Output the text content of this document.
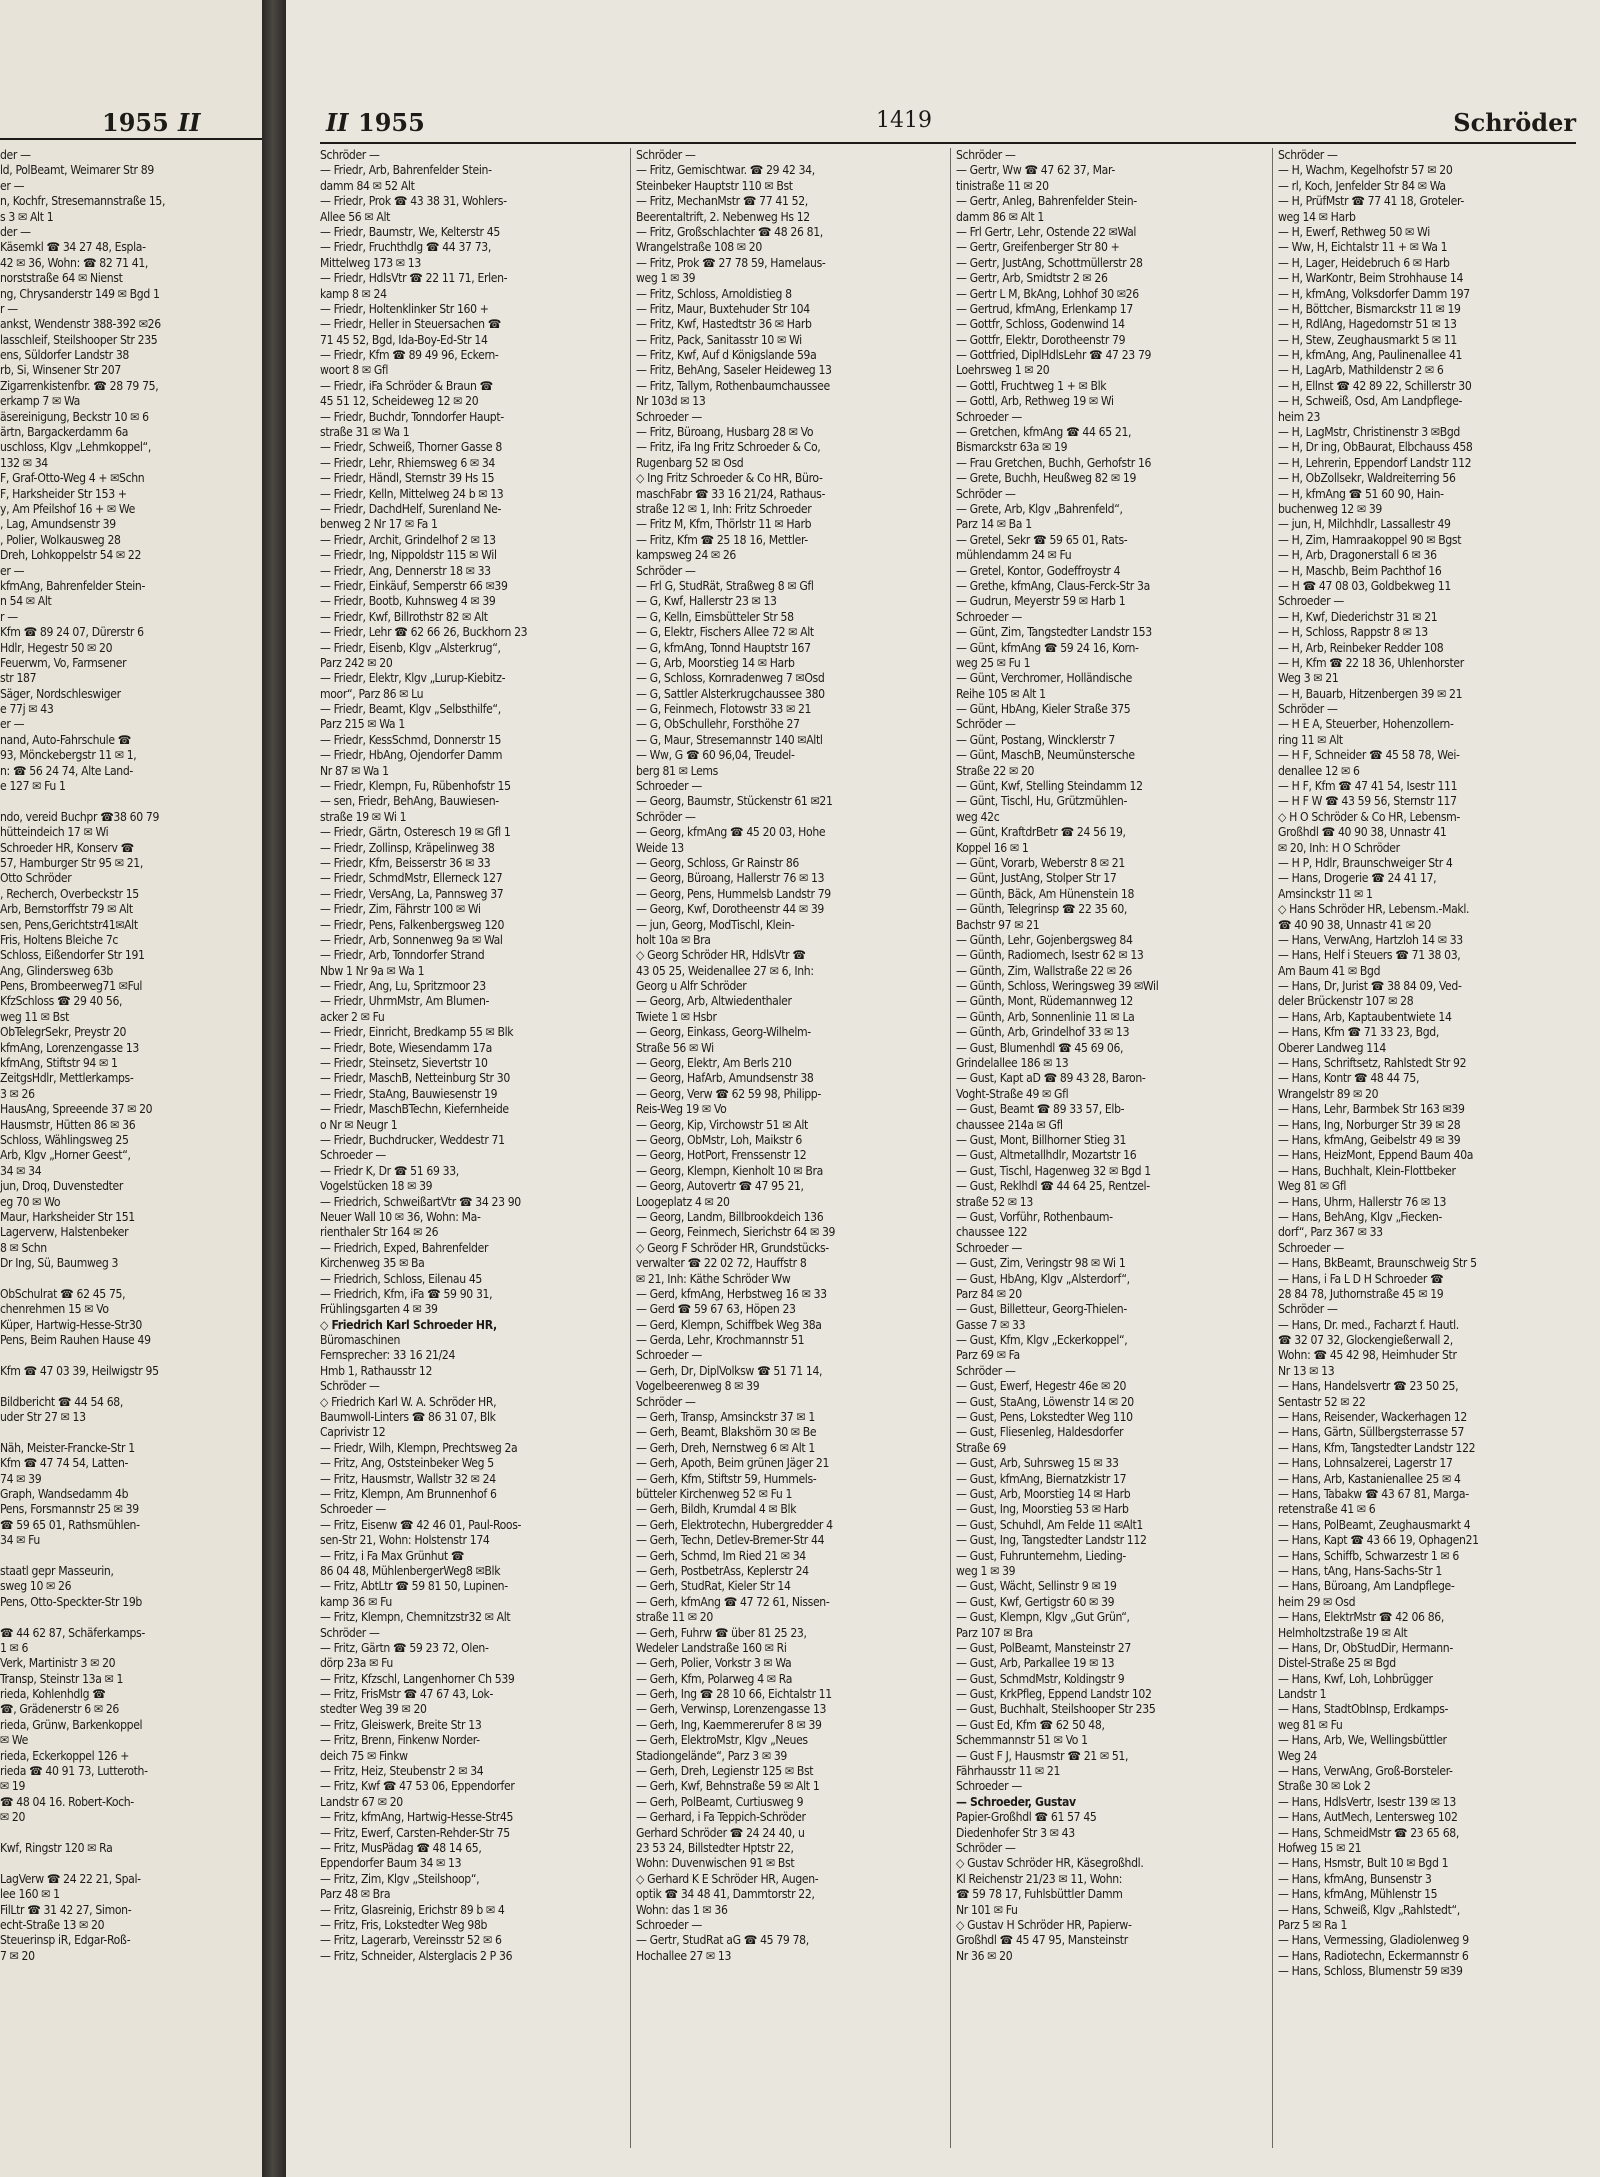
1955 II
der —
ld, PolBeamt, Weimarer Str 89
er —
n, Kochfr, Stresemannstraße 15,
s 3 ✉ Alt 1
der —
Käsemkl ☎ 34 27 48, Espla-
42 ✉ 36, Wohn: ☎ 82 71 41,
norststraße 64 ✉ Nienst
ng, Chrysanderstr 149 ✉ Bgd 1
r —
ankst, Wendenstr 388-392 ✉26
lasschleif, Steilshooper Str 235
ens, Süldorfer Landstr 38
rb, Si, Winsener Str 207
Zigarrenkistenfbr. ☎ 28 79 75,
erkamp 7 ✉ Wa
äsereinigung, Beckstr 10 ✉ 6
ärtn, Bargackerdamm 6a
uschloss, Klgv „Lehmkoppel“,
132 ✉ 34
F, Graf-Otto-Weg 4 + ✉Schn
F, Harksheider Str 153 +
y, Am Pfeilshof 16 + ✉ We
, Lag, Amundsenstr 39
, Polier, Wolkausweg 28
Dreh, Lohkoppelstr 54 ✉ 22
er —
kfmAng, Bahrenfelder Stein-
n 54 ✉ Alt
r —
Kfm ☎ 89 24 07, Dürerstr 6
Hdlr, Hegestr 50 ✉ 20
Feuerwm, Vo, Farmsener
str 187
Säger, Nordschleswiger
e 77j ✉ 43
er —
nand, Auto-Fahrschule ☎
93, Mönckebergstr 11 ✉ 1,
n: ☎ 56 24 74, Alte Land-
e 127 ✉ Fu 1
ndo, vereid Buchpr ☎38 60 79
hütteindeich 17 ✉ Wi
Schroeder HR, Konserv ☎
57, Hamburger Str 95 ✉ 21,
Otto Schröder
, Recherch, Overbeckstr 15
Arb, Bernstorffstr 79 ✉ Alt
sen, Pens,Gerichtstr41✉Alt
Fris, Holtens Bleiche 7c
Schloss, Eißendorfer Str 191
Ang, Glindersweg 63b
Pens, Brombeerweg71 ✉Ful
KfzSchloss ☎ 29 40 56,
weg 11 ✉ Bst
ObTelegrSekr, Preystr 20
kfmAng, Lorenzengasse 13
kfmAng, Stiftstr 94 ✉ 1
ZeitgsHdlr, Mettlerkamps-
3 ✉ 26
HausAng, Spreeende 37 ✉ 20
Hausmstr, Hütten 86 ✉ 36
Schloss, Wählingsweg 25
Arb, Klgv „Horner Geest“,
34 ✉ 34
jun, Droq, Duvenstedter
eg 70 ✉ Wo
Maur, Harksheider Str 151
Lagerverw, Halstenbeker
8 ✉ Schn
Dr Ing, Sü, Baumweg 3
ObSchulrat ☎ 62 45 75,
chenrehmen 15 ✉ Vo
Küper, Hartwig-Hesse-Str30
Pens, Beim Rauhen Hause 49
Kfm ☎ 47 03 39, Heilwigstr 95
Bildbericht ☎ 44 54 68,
uder Str 27 ✉ 13
Näh, Meister-Francke-Str 1
Kfm ☎ 47 74 54, Latten-
74 ✉ 39
Graph, Wandsedamm 4b
Pens, Forsmannstr 25 ✉ 39
☎ 59 65 01, Rathsmühlen-
34 ✉ Fu
staatl gepr Masseurin,
sweg 10 ✉ 26
Pens, Otto-Speckter-Str 19b
☎ 44 62 87, Schäferkamps-
1 ✉ 6
Verk, Martinistr 3 ✉ 20
Transp, Steinstr 13a ✉ 1
rieda, Kohlenhdlg ☎
☎, Grädenerstr 6 ✉ 26
rieda, Grünw, Barkenkoppel
✉ We
rieda, Eckerkoppel 126 +
rieda ☎ 40 91 73, Lutteroth-
✉ 19
☎ 48 04 16. Robert-Koch-
✉ 20
Kwf, Ringstr 120 ✉ Ra
LagVerw ☎ 24 22 21, Spal-
lee 160 ✉ 1
FilLtr ☎ 31 42 27, Simon-
echt-Straße 13 ✉ 20
Steuerinsp iR, Edgar-Roß-
7 ✉ 20
II 1955	1419	Schröder
Schröder —
— Friedr, Arb, Bahrenfelder Stein-
damm 84 ✉ 52 Alt
— Friedr, Prok ☎ 43 38 31, Wohlers-
Allee 56 ✉ Alt
— Friedr, Baumstr, We, Kelterstr 45
— Friedr, Fruchthdlg ☎ 44 37 73,
Mittelweg 173 ✉ 13
— Friedr, HdlsVtr ☎ 22 11 71, Erlen-
kamp 8 ✉ 24
— Friedr, Holtenklinker Str 160 +
— Friedr, Heller in Steuersachen ☎
71 45 52, Bgd, Ida-Boy-Ed-Str 14
— Friedr, Kfm ☎ 89 49 96, Eckern-
woort 8 ✉ Gfl
— Friedr, iFa Schröder & Braun ☎
45 51 12, Scheideweg 12 ✉ 20
— Friedr, Buchdr, Tonndorfer Haupt-
straße 31 ✉ Wa 1
— Friedr, Schweiß, Thorner Gasse 8
— Friedr, Lehr, Rhiemsweg 6 ✉ 34
— Friedr, Händl, Sternstr 39 Hs 15
— Friedr, Kelln, Mittelweg 24 b ✉ 13
— Friedr, DachdHelf, Surenland Ne-
benweg 2 Nr 17 ✉ Fa 1
— Friedr, Archit, Grindelhof 2 ✉ 13
— Friedr, Ing, Nippoldstr 115 ✉ Wil
— Friedr, Ang, Dennerstr 18 ✉ 33
— Friedr, Einkäuf, Semperstr 66 ✉39
— Friedr, Bootb, Kuhnsweg 4 ✉ 39
— Friedr, Kwf, Billrothstr 82 ✉ Alt
— Friedr, Lehr ☎ 62 66 26, Buckhorn 23
— Friedr, Eisenb, Klgv „Alsterkrug“,
Parz 242 ✉ 20
— Friedr, Elektr, Klgv „Lurup-Kiebitz-
moor“, Parz 86 ✉ Lu
— Friedr, Beamt, Klgv „Selbsthilfe“,
Parz 215 ✉ Wa 1
— Friedr, KessSchmd, Donnerstr 15
— Friedr, HbAng, Ojendorfer Damm
Nr 87 ✉ Wa 1
— Friedr, Klempn, Fu, Rübenhofstr 15
— sen, Friedr, BehAng, Bauwiesen-
straße 19 ✉ Wi 1
— Friedr, Gärtn, Osteresch 19 ✉ Gfl 1
— Friedr, Zollinsp, Kräpelinweg 38
— Friedr, Kfm, Beisserstr 36 ✉ 33
— Friedr, SchmdMstr, Ellerneck 127
— Friedr, VersAng, La, Pannsweg 37
— Friedr, Zim, Fährstr 100 ✉ Wi
— Friedr, Pens, Falkenbergsweg 120
— Friedr, Arb, Sonnenweg 9a ✉ Wal
— Friedr, Arb, Tonndorfer Strand
Nbw 1 Nr 9a ✉ Wa 1
— Friedr, Ang, Lu, Spritzmoor 23
— Friedr, UhrmMstr, Am Blumen-
acker 2 ✉ Fu
— Friedr, Einricht, Bredkamp 55 ✉ Blk
— Friedr, Bote, Wiesendamm 17a
— Friedr, Steinsetz, Sievertstr 10
— Friedr, MaschB, Netteinburg Str 30
— Friedr, StaAng, Bauwiesenstr 19
— Friedr, MaschBTechn, Kiefernheide
o Nr ✉ Neugr 1
— Friedr, Buchdrucker, Weddestr 71
Schroeder —
— Friedr K, Dr ☎ 51 69 33,
Vogelstücken 18 ✉ 39
— Friedrich, SchweißartVtr ☎ 34 23 90
Neuer Wall 10 ✉ 36, Wohn: Ma-
rienthaler Str 164 ✉ 26
— Friedrich, Exped, Bahrenfelder
Kirchenweg 35 ✉ Ba
— Friedrich, Schloss, Eilenau 45
— Friedrich, Kfm, iFa ☎ 59 90 31,
Frühlingsgarten 4 ✉ 39
◇ Friedrich Karl Schroeder HR,
Büromaschinen
Fernsprecher: 33 16 21/24
Hmb 1, Rathausstr 12
Schröder —
◇ Friedrich Karl W. A. Schröder HR,
Baumwoll-Linters ☎ 86 31 07, Blk
Caprivistr 12
— Friedr, Wilh, Klempn, Prechtsweg 2a
— Fritz, Ang, Oststeinbeker Weg 5
— Fritz, Hausmstr, Wallstr 32 ✉ 24
— Fritz, Klempn, Am Brunnenhof 6
Schroeder —
— Fritz, Eisenw ☎ 42 46 01, Paul-Roos-
sen-Str 21, Wohn: Holstenstr 174
— Fritz, i Fa Max Grünhut ☎
86 04 48, MühlenbergerWeg8 ✉Blk
— Fritz, AbtLtr ☎ 59 81 50, Lupinen-
kamp 36 ✉ Fu
— Fritz, Klempn, Chemnitzstr32 ✉ Alt
Schröder —
— Fritz, Gärtn ☎ 59 23 72, Olen-
dörp 23a ✉ Fu
— Fritz, Kfzschl, Langenhorner Ch 539
— Fritz, FrisMstr ☎ 47 67 43, Lok-
stedter Weg 39 ✉ 20
— Fritz, Gleiswerk, Breite Str 13
— Fritz, Brenn, Finkenw Norder-
deich 75 ✉ Finkw
— Fritz, Heiz, Steubenstr 2 ✉ 34
— Fritz, Kwf ☎ 47 53 06, Eppendorfer
Landstr 67 ✉ 20
— Fritz, kfmAng, Hartwig-Hesse-Str45
— Fritz, Ewerf, Carsten-Rehder-Str 75
— Fritz, MusPädag ☎ 48 14 65,
Eppendorfer Baum 34 ✉ 13
— Fritz, Zim, Klgv „Steilshoop“,
Parz 48 ✉ Bra
— Fritz, Glasreinig, Erichstr 89 b ✉ 4
— Fritz, Fris, Lokstedter Weg 98b
— Fritz, Lagerarb, Vereinsstr 52 ✉ 6
— Fritz, Schneider, Alsterglacis 2 P 36
Schröder —
— Fritz, Gemischtwar. ☎ 29 42 34,
Steinbeker Hauptstr 110 ✉ Bst
— Fritz, MechanMstr ☎ 77 41 52,
Beerentaltrift, 2. Nebenweg Hs 12
— Fritz, Großschlachter ☎ 48 26 81,
Wrangelstraße 108 ✉ 20
— Fritz, Prok ☎ 27 78 59, Hamelaus-
weg 1 ✉ 39
— Fritz, Schloss, Arnoldistieg 8
— Fritz, Maur, Buxtehuder Str 104
— Fritz, Kwf, Hastedtstr 36 ✉ Harb
— Fritz, Pack, Sanitasstr 10 ✉ Wi
— Fritz, Kwf, Auf d Königslande 59a
— Fritz, BehAng, Saseler Heideweg 13
— Fritz, Tallym, Rothenbaumchaussee
Nr 103d ✉ 13
Schroeder —
— Fritz, Büroang, Husbarg 28 ✉ Vo
— Fritz, iFa Ing Fritz Schroeder & Co,
Rugenbarg 52 ✉ Osd
◇ Ing Fritz Schroeder & Co HR, Büro-
maschFabr ☎ 33 16 21/24, Rathaus-
straße 12 ✉ 1, Inh: Fritz Schroeder
— Fritz M, Kfm, Thörlstr 11 ✉ Harb
— Fritz, Kfm ☎ 25 18 16, Mettler-
kampsweg 24 ✉ 26
Schröder —
— Frl G, StudRät, Straßweg 8 ✉ Gfl
— G, Kwf, Hallerstr 23 ✉ 13
— G, Kelln, Eimsbütteler Str 58
— G, Elektr, Fischers Allee 72 ✉ Alt
— G, kfmAng, Tonnd Hauptstr 167
— G, Arb, Moorstieg 14 ✉ Harb
— G, Schloss, Kornradenweg 7 ✉Osd
— G, Sattler Alsterkrugchaussee 380
— G, Feinmech, Flotowstr 33 ✉ 21
— G, ObSchullehr, Forsthöhe 27
— G, Maur, Stresemannstr 140 ✉Altl
— Ww, G ☎ 60 96,04, Treudel-
berg 81 ✉ Lems
Schroeder —
— Georg, Baumstr, Stückenstr 61 ✉21
Schröder —
— Georg, kfmAng ☎ 45 20 03, Hohe
Weide 13
— Georg, Schloss, Gr Rainstr 86
— Georg, Büroang, Hallerstr 76 ✉ 13
— Georg, Pens, Hummelsb Landstr 79
— Georg, Kwf, Dorotheenstr 44 ✉ 39
— jun, Georg, ModTischl, Klein-
holt 10a ✉ Bra
◇ Georg Schröder HR, HdlsVtr ☎
43 05 25, Weidenallee 27 ✉ 6, Inh:
Georg u Alfr Schröder
— Georg, Arb, Altwiedenthaler
Twiete 1 ✉ Hsbr
— Georg, Einkass, Georg-Wilhelm-
Straße 56 ✉ Wi
— Georg, Elektr, Am Berls 210
— Georg, HafArb, Amundsenstr 38
— Georg, Verw ☎ 62 59 98, Philipp-
Reis-Weg 19 ✉ Vo
— Georg, Kip, Virchowstr 51 ✉ Alt
— Georg, ObMstr, Loh, Maikstr 6
— Georg, HotPort, Frenssenstr 12
— Georg, Klempn, Kienholt 10 ✉ Bra
— Georg, Autovertr ☎ 47 95 21,
Loogeplatz 4 ✉ 20
— Georg, Landm, Billbrookdeich 136
— Georg, Feinmech, Sierichstr 64 ✉ 39
◇ Georg F Schröder HR, Grundstücks-
verwalter ☎ 22 02 72, Hauffstr 8
✉ 21, Inh: Käthe Schröder Ww
— Gerd, kfmAng, Herbstweg 16 ✉ 33
— Gerd ☎ 59 67 63, Höpen 23
— Gerd, Klempn, Schiffbek Weg 38a
— Gerda, Lehr, Krochmannstr 51
Schroeder —
— Gerh, Dr, DiplVolksw ☎ 51 71 14,
Vogelbeerenweg 8 ✉ 39
Schröder —
— Gerh, Transp, Amsinckstr 37 ✉ 1
— Gerh, Beamt, Blakshörn 30 ✉ Be
— Gerh, Dreh, Nernstweg 6 ✉ Alt 1
— Gerh, Apoth, Beim grünen Jäger 21
— Gerh, Kfm, Stiftstr 59, Hummels-
bütteler Kirchenweg 52 ✉ Fu 1
— Gerh, Bildh, Krumdal 4 ✉ Blk
— Gerh, Elektrotechn, Hubergredder 4
— Gerh, Techn, Detlev-Bremer-Str 44
— Gerh, Schmd, Im Ried 21 ✉ 34
— Gerh, PostbetrAss, Keplerstr 24
— Gerh, StudRat, Kieler Str 14
— Gerh, kfmAng ☎ 47 72 61, Nissen-
straße 11 ✉ 20
— Gerh, Fuhrw ☎ über 81 25 23,
Wedeler Landstraße 160 ✉ Ri
— Gerh, Polier, Vorkstr 3 ✉ Wa
— Gerh, Kfm, Polarweg 4 ✉ Ra
— Gerh, Ing ☎ 28 10 66, Eichtalstr 11
— Gerh, Verwinsp, Lorenzengasse 13
— Gerh, Ing, Kaemmererufer 8 ✉ 39
— Gerh, ElektroMstr, Klgv „Neues
Stadiongelände“, Parz 3 ✉ 39
— Gerh, Dreh, Legienstr 125 ✉ Bst
— Gerh, Kwf, Behnstraße 59 ✉ Alt 1
— Gerh, PolBeamt, Curtiusweg 9
— Gerhard, i Fa Teppich-Schröder
Gerhard Schröder ☎ 24 24 40, u
23 53 24, Billstedter Hptstr 22,
Wohn: Duvenwischen 91 ✉ Bst
◇ Gerhard K E Schröder HR, Augen-
optik ☎ 34 48 41, Dammtorstr 22,
Wohn: das 1 ✉ 36
Schroeder —
— Gertr, StudRat aG ☎ 45 79 78,
Hochallee 27 ✉ 13
Schröder —
— Gertr, Ww ☎ 47 62 37, Mar-
tinistraße 11 ✉ 20
— Gertr, Anleg, Bahrenfelder Stein-
damm 86 ✉ Alt 1
— Frl Gertr, Lehr, Ostende 22 ✉Wal
— Gertr, Greifenberger Str 80 +
— Gertr, JustAng, Schottmüllerstr 28
— Gertr, Arb, Smidtstr 2 ✉ 26
— Gertr L M, BkAng, Lohhof 30 ✉26
— Gertrud, kfmAng, Erlenkamp 17
— Gottfr, Schloss, Godenwind 14
— Gottfr, Elektr, Dorotheenstr 79
— Gottfried, DiplHdlsLehr ☎ 47 23 79
Loehrsweg 1 ✉ 20
— Gottl, Fruchtweg 1 + ✉ Blk
— Gottl, Arb, Rethweg 19 ✉ Wi
Schroeder —
— Gretchen, kfmAng ☎ 44 65 21,
Bismarckstr 63a ✉ 19
— Frau Gretchen, Buchh, Gerhofstr 16
— Grete, Buchh, Heußweg 82 ✉ 19
Schröder —
— Grete, Arb, Klgv „Bahrenfeld“,
Parz 14 ✉ Ba 1
— Gretel, Sekr ☎ 59 65 01, Rats-
mühlendamm 24 ✉ Fu
— Gretel, Kontor, Godeffroystr 4
— Grethe, kfmAng, Claus-Ferck-Str 3a
— Gudrun, Meyerstr 59 ✉ Harb 1
Schroeder —
— Günt, Zim, Tangstedter Landstr 153
— Günt, kfmAng ☎ 59 24 16, Korn-
weg 25 ✉ Fu 1
— Günt, Verchromer, Holländische
Reihe 105 ✉ Alt 1
— Günt, HbAng, Kieler Straße 375
Schröder —
— Günt, Postang, Wincklerstr 7
— Günt, MaschB, Neumünstersche
Straße 22 ✉ 20
— Günt, Kwf, Stelling Steindamm 12
— Günt, Tischl, Hu, Grützmühlen-
weg 42c
— Günt, KraftdrBetr ☎ 24 56 19,
Koppel 16 ✉ 1
— Günt, Vorarb, Weberstr 8 ✉ 21
— Günt, JustAng, Stolper Str 17
— Günth, Bäck, Am Hünenstein 18
— Günth, Telegrinsp ☎ 22 35 60,
Bachstr 97 ✉ 21
— Günth, Lehr, Gojenbergsweg 84
— Günth, Radiomech, Isestr 62 ✉ 13
— Günth, Zim, Wallstraße 22 ✉ 26
— Günth, Schloss, Weringsweg 39 ✉Wil
— Günth, Mont, Rüdemannweg 12
— Günth, Arb, Sonnenlinie 11 ✉ La
— Günth, Arb, Grindelhof 33 ✉ 13
— Gust, Blumenhdl ☎ 45 69 06,
Grindelallee 186 ✉ 13
— Gust, Kapt aD ☎ 89 43 28, Baron-
Voght-Straße 49 ✉ Gfl
— Gust, Beamt ☎ 89 33 57, Elb-
chaussee 214a ✉ Gfl
— Gust, Mont, Billhorner Stieg 31
— Gust, Altmetallhdlr, Mozartstr 16
— Gust, Tischl, Hagenweg 32 ✉ Bgd 1
— Gust, Reklhdl ☎ 44 64 25, Rentzel-
straße 52 ✉ 13
— Gust, Vorführ, Rothenbaum-
chaussee 122
Schroeder —
— Gust, Zim, Veringstr 98 ✉ Wi 1
— Gust, HbAng, Klgv „Alsterdorf“,
Parz 84 ✉ 20
— Gust, Billetteur, Georg-Thielen-
Gasse 7 ✉ 33
— Gust, Kfm, Klgv „Eckerkoppel“,
Parz 69 ✉ Fa
Schröder —
— Gust, Ewerf, Hegestr 46e ✉ 20
— Gust, StaAng, Löwenstr 14 ✉ 20
— Gust, Pens, Lokstedter Weg 110
— Gust, Fliesenleg, Haldesdorfer
Straße 69
— Gust, Arb, Suhrsweg 15 ✉ 33
— Gust, kfmAng, Biernatzkistr 17
— Gust, Arb, Moorstieg 14 ✉ Harb
— Gust, Ing, Moorstieg 53 ✉ Harb
— Gust, Schuhdl, Am Felde 11 ✉Alt1
— Gust, Ing, Tangstedter Landstr 112
— Gust, Fuhrunternehm, Lieding-
weg 1 ✉ 39
— Gust, Wächt, Sellinstr 9 ✉ 19
— Gust, Kwf, Gertigstr 60 ✉ 39
— Gust, Klempn, Klgv „Gut Grün“,
Parz 107 ✉ Bra
— Gust, PolBeamt, Mansteinstr 27
— Gust, Arb, Parkallee 19 ✉ 13
— Gust, SchmdMstr, Koldingstr 9
— Gust, KrkPfleg, Eppend Landstr 102
— Gust, Buchhalt, Steilshooper Str 235
— Gust Ed, Kfm ☎ 62 50 48,
Schemmannstr 51 ✉ Vo 1
— Gust F J, Hausmstr ☎ 21 ✉ 51,
Fährhausstr 11 ✉ 21
Schroeder —
— Schroeder, Gustav
Papier-Großhdl ☎ 61 57 45
Diedenhofer Str 3 ✉ 43
Schröder —
◇ Gustav Schröder HR, Käsegroßhdl.
Kl Reichenstr 21/23 ✉ 11, Wohn:
☎ 59 78 17, Fuhlsbüttler Damm
Nr 101 ✉ Fu
◇ Gustav H Schröder HR, Papierw-
Großhdl ☎ 45 47 95, Mansteinstr
Nr 36 ✉ 20
Schröder —
— H, Wachm, Kegelhofstr 57 ✉ 20
— rl, Koch, Jenfelder Str 84 ✉ Wa
— H, PrüfMstr ☎ 77 41 18, Groteler-
weg 14 ✉ Harb
— H, Ewerf, Rethweg 50 ✉ Wi
— Ww, H, Eichtalstr 11 + ✉ Wa 1
— H, Lager, Heidebruch 6 ✉ Harb
— H, WarKontr, Beim Strohhause 14
— H, kfmAng, Volksdorfer Damm 197
— H, Böttcher, Bismarckstr 11 ✉ 19
— H, RdlAng, Hagedornstr 51 ✉ 13
— H, Stew, Zeughausmarkt 5 ✉ 11
— H, kfmAng, Ang, Paulinenallee 41
— H, LagArb, Mathildenstr 2 ✉ 6
— H, Ellnst ☎ 42 89 22, Schillerstr 30
— H, Schweiß, Osd, Am Landpflege-
heim 23
— H, LagMstr, Christinenstr 3 ✉Bgd
— H, Dr ing, ObBaurat, Elbchauss 458
— H, Lehrerin, Eppendorf Landstr 112
— H, ObZollsekr, Waldreiterring 56
— H, kfmAng ☎ 51 60 90, Hain-
buchenweg 12 ✉ 39
— jun, H, Milchhdlr, Lassallestr 49
— H, Zim, Hamraakoppel 90 ✉ Bgst
— H, Arb, Dragonerstall 6 ✉ 36
— H, Maschb, Beim Pachthof 16
— H ☎ 47 08 03, Goldbekweg 11
Schroeder —
— H, Kwf, Diederichstr 31 ✉ 21
— H, Schloss, Rappstr 8 ✉ 13
— H, Arb, Reinbeker Redder 108
— H, Kfm ☎ 22 18 36, Uhlenhorster
Weg 3 ✉ 21
— H, Bauarb, Hitzenbergen 39 ✉ 21
Schröder —
— H E A, Steuerber, Hohenzollern-
ring 11 ✉ Alt
— H F, Schneider ☎ 45 58 78, Wei-
denallee 12 ✉ 6
— H F, Kfm ☎ 47 41 54, Isestr 111
— H F W ☎ 43 59 56, Sternstr 117
◇ H O Schröder & Co HR, Lebensm-
Großhdl ☎ 40 90 38, Unnastr 41
✉ 20, Inh: H O Schröder
— H P, Hdlr, Braunschweiger Str 4
— Hans, Drogerie ☎ 24 41 17,
Amsinckstr 11 ✉ 1
◇ Hans Schröder HR, Lebensm.-Makl.
☎ 40 90 38, Unnastr 41 ✉ 20
— Hans, VerwAng, Hartzloh 14 ✉ 33
— Hans, Helf i Steuers ☎ 71 38 03,
Am Baum 41 ✉ Bgd
— Hans, Dr, Jurist ☎ 38 84 09, Ved-
deler Brückenstr 107 ✉ 28
— Hans, Arb, Kaptaubentwiete 14
— Hans, Kfm ☎ 71 33 23, Bgd,
Oberer Landweg 114
— Hans, Schriftsetz, Rahlstedt Str 92
— Hans, Kontr ☎ 48 44 75,
Wrangelstr 89 ✉ 20
— Hans, Lehr, Barmbek Str 163 ✉39
— Hans, Ing, Norburger Str 39 ✉ 28
— Hans, kfmAng, Geibelstr 49 ✉ 39
— Hans, HeizMont, Eppend Baum 40a
— Hans, Buchhalt, Klein-Flottbeker
Weg 81 ✉ Gfl
— Hans, Uhrm, Hallerstr 76 ✉ 13
— Hans, BehAng, Klgv „Fiecken-
dorf“, Parz 367 ✉ 33
Schroeder —
— Hans, BkBeamt, Braunschweig Str 5
— Hans, i Fa L D H Schroeder ☎
28 84 78, Juthornstraße 45 ✉ 19
Schröder —
— Hans, Dr. med., Facharzt f. Hautl.
☎ 32 07 32, Glockengießerwall 2,
Wohn: ☎ 45 42 98, Heimhuder Str
Nr 13 ✉ 13
— Hans, Handelsvertr ☎ 23 50 25,
Sentastr 52 ✉ 22
— Hans, Reisender, Wackerhagen 12
— Hans, Gärtn, Süllbergsterrasse 57
— Hans, Kfm, Tangstedter Landstr 122
— Hans, Lohnsalzerei, Lagerstr 17
— Hans, Arb, Kastanienallee 25 ✉ 4
— Hans, Tabakw ☎ 43 67 81, Marga-
retenstraße 41 ✉ 6
— Hans, PolBeamt, Zeughausmarkt 4
— Hans, Kapt ☎ 43 66 19, Ophagen21
— Hans, Schiffb, Schwarzestr 1 ✉ 6
— Hans, tAng, Hans-Sachs-Str 1
— Hans, Büroang, Am Landpflege-
heim 29 ✉ Osd
— Hans, ElektrMstr ☎ 42 06 86,
Helmholtzstraße 19 ✉ Alt
— Hans, Dr, ObStudDir, Hermann-
Distel-Straße 25 ✉ Bgd
— Hans, Kwf, Loh, Lohbrügger
Landstr 1
— Hans, StadtObInsp, Erdkamps-
weg 81 ✉ Fu
— Hans, Arb, We, Wellingsbüttler
Weg 24
— Hans, VerwAng, Groß-Borsteler-
Straße 30 ✉ Lok 2
— Hans, HdlsVertr, Isestr 139 ✉ 13
— Hans, AutMech, Lentersweg 102
— Hans, SchmeidMstr ☎ 23 65 68,
Hofweg 15 ✉ 21
— Hans, Hsmstr, Bult 10 ✉ Bgd 1
— Hans, kfmAng, Bunsenstr 3
— Hans, kfmAng, Mühlenstr 15
— Hans, Schweiß, Klgv „Rahlstedt“,
Parz 5 ✉ Ra 1
— Hans, Vermessing, Gladiolenweg 9
— Hans, Radiotechn, Eckermannstr 6
— Hans, Schloss, Blumenstr 59 ✉39
